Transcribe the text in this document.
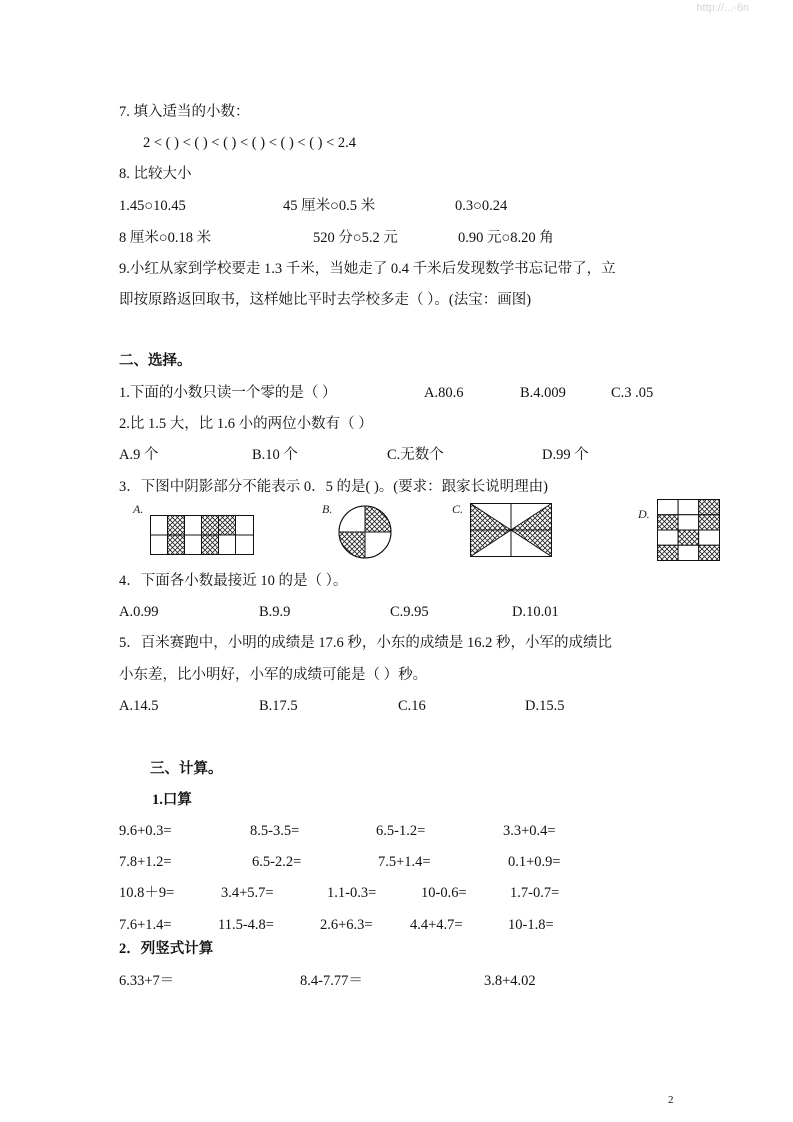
http://...-6n
7. 填入适当的小数：
2 < ( ) < ( ) < ( ) < ( ) < ( ) < ( ) < 2.4
8. 比较大小
1.45○10.45	45 厘米○0.5 米	0.3○0.24
8 厘米○0.18 米	520 分○5.2 元	0.90 元○8.20 角
9.小红从家到学校要走 1.3 千米，当她走了 0.4 千米后发现数学书忘记带了，立
即按原路返回取书，这样她比平时去学校多走（ ）。(法宝：画图)
二、选择。
1.下面的小数只读一个零的是（ ）	A.80.6	B.4.009	C.3 .05
2.比 1.5 大，比 1.6 小的两位小数有（ ）
A.9 个	B.10 个	C.无数个	D.99 个
3．下图中阴影部分不能表示 0．5 的是( )。(要求：跟家长说明理由)
A.	B.	C.	D.
4．下面各小数最接近 10 的是（ ）。
A.0.99	B.9.9	C.9.95	D.10.01
5．百米赛跑中，小明的成绩是 17.6 秒，小东的成绩是 16.2 秒，小军的成绩比
小东差，比小明好，小军的成绩可能是（ ）秒。
A.14.5	B.17.5	C.16	D.15.5
三、计算。
1.口算
9.6+0.3=	8.5-3.5=	6.5-1.2=	3.3+0.4=
7.8+1.2=	6.5-2.2=	7.5+1.4=	0.1+0.9=
10.8＋9=	3.4+5.7=	1.1-0.3=	10-0.6=	1.7-0.7=
7.6+1.4=	11.5-4.8=	2.6+6.3=	4.4+4.7=	10-1.8=
2．列竖式计算
6.33+7＝	8.4-7.77＝	3.8+4.02
2
